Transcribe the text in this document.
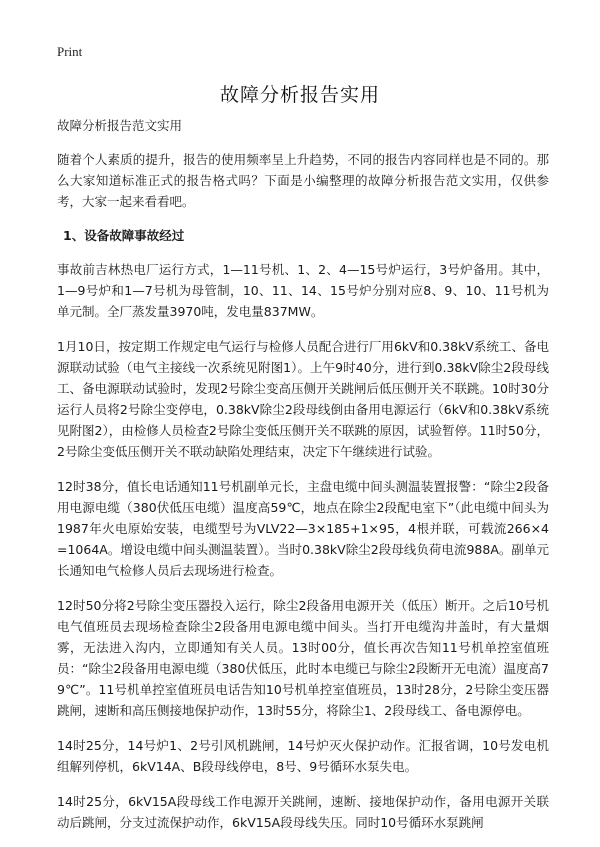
Print
故障分析报告实用

故障分析报告范文实用

随着个人素质的提升，报告的使用频率呈上升趋势，不同的报告内容同样也是不同的。那么大家知道标准正式的报告格式吗？下面是小编整理的故障分析报告范文实用，仅供参考，大家一起来看看吧。

1、设备故障事故经过

事故前吉林热电厂运行方式，1—11号机、1、2、4—15号炉运行，3号炉备用。其中，1—9号炉和1—7号机为母管制，10、11、14、15号炉分别对应8、9、10、11号机为单元制。全厂蒸发量3970吨，发电量837MW。

1月10日，按定期工作规定电气运行与检修人员配合进行厂用6kV和0.38kV系统工、备电源联动试验（电气主接线一次系统见附图1）。上午9时40分，进行到0.38kV除尘2段母线工、备电源联动试验时，发现2号除尘变高压侧开关跳闸后低压侧开关不联跳。10时30分运行人员将2号除尘变停电，0.38kV除尘2段母线倒由备用电源运行（6kV和0.38kV系统见附图2），由检修人员检查2号除尘变低压侧开关不联跳的原因，试验暂停。11时50分，2号除尘变低压侧开关不联动缺陷处理结束，决定下午继续进行试验。

12时38分，值长电话通知11号机副单元长，主盘电缆中间头测温装置报警：“除尘2段备用电源电缆（380伏低压电缆）温度高59℃，地点在除尘2段配电室下”（此电缆中间头为1987年火电原始安装，电缆型号为VLV22—3×185+1×95，4根并联，可载流266×4=1064A。增设电缆中间头测温装置）。当时0.38kV除尘2段母线负荷电流988A。副单元长通知电气检修人员后去现场进行检查。

12时50分将2号除尘变压器投入运行，除尘2段备用电源开关（低压）断开。之后10号机电气值班员去现场检查除尘2段备用电源电缆中间头。当打开电缆沟井盖时，有大量烟雾，无法进入沟内，立即通知有关人员。13时00分，值长再次告知11号机单控室值班员：“除尘2段备用电源电缆（380伏低压，此时本电缆已与除尘2段断开无电流）温度高79℃”。11号机单控室值班员电话告知10号机单控室值班员，13时28分，2号除尘变压器跳闸，速断和高压侧接地保护动作，13时55分，将除尘1、2段母线工、备电源停电。

14时25分，14号炉1、2号引风机跳闸，14号炉灭火保护动作。汇报省调，10号发电机组解列停机，6kV14A、B段母线停电，8号、9号循环水泵失电。

14时25分，6kV15A段母线工作电源开关跳闸，速断、接地保护动作，备用电源开关联动后跳闸，分支过流保护动作，6kV15A段母线失压。同时10号循环水泵跳闸
